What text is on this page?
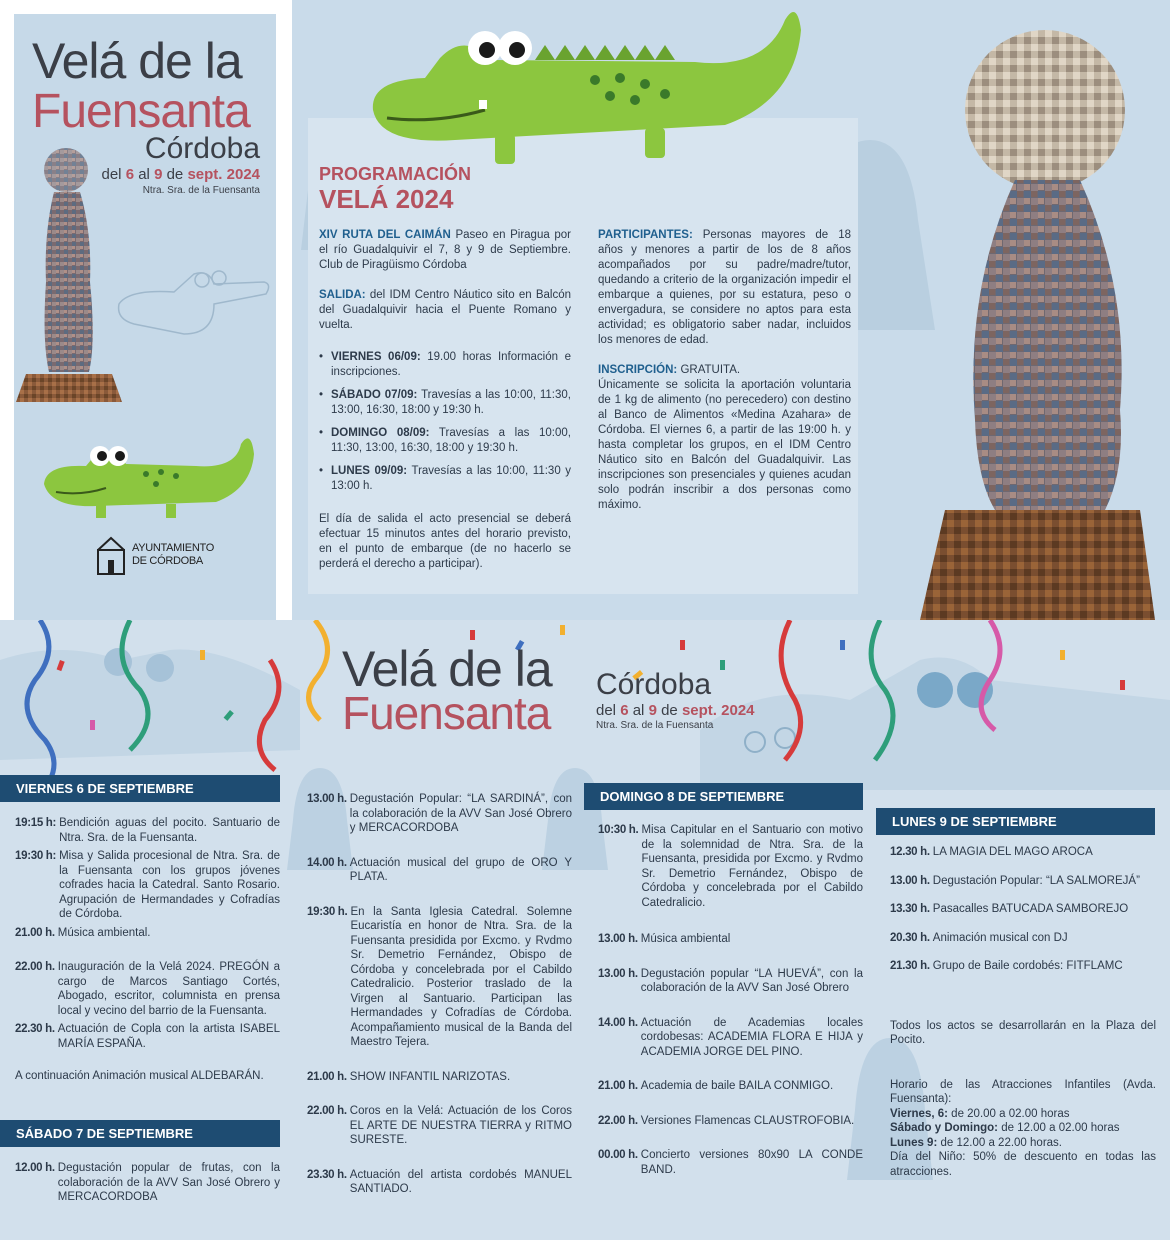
Velá de la
Fuensanta
Córdoba
del 6 al 9 de sept. 2024
Ntra. Sra. de la Fuensanta
AYUNTAMIENTO
DE CÓRDOBA
PROGRAMACIÓN
VELÁ 2024

XIV RUTA DEL CAIMÁN Paseo en Piragua por el río Guadalquivir el 7, 8 y 9 de Septiembre. Club de Piragüismo Córdoba

SALIDA: del IDM Centro Náutico sito en Balcón del Guadalquivir hacia el Puente Romano y vuelta.

• VIERNES 06/09: 19.00 horas Información e inscripciones.
• SÁBADO 07/09: Travesías a las 10:00, 11:30, 13:00, 16:30, 18:00 y 19:30 h.
• DOMINGO 08/09: Travesías a las 10:00, 11:30, 13:00, 16:30, 18:00 y 19:30 h.
• LUNES 09/09: Travesías a las 10:00, 11:30 y 13:00 h.

El día de salida el acto presencial se deberá efectuar 15 minutos antes del horario previsto, en el punto de embarque (de no hacerlo se perderá el derecho a participar).

PARTICIPANTES: Personas mayores de 18 años y menores a partir de los de 8 años acompañados por su padre/madre/tutor, quedando a criterio de la organización impedir el embarque a quienes, por su estatura, peso o envergadura, se considere no aptos para esta actividad; es obligatorio saber nadar, incluidos los menores de edad.

INSCRIPCIÓN: GRATUITA.
Únicamente se solicita la aportación voluntaria de 1 kg de alimento (no perecedero) con destino al Banco de Alimentos «Medina Azahara» de Córdoba. El viernes 6, a partir de las 19:00 h. y hasta completar los grupos, en el IDM Centro Náutico sito en Balcón del Guadalquivir. Las inscripciones son presenciales y quienes acudan solo podrán inscribir a dos personas como máximo.

Velá de la
Fuensanta
Córdoba
del 6 al 9 de sept. 2024
Ntra. Sra. de la Fuensanta
VIERNES 6 DE SEPTIEMBRE
19:15 h: Bendición aguas del pocito. Santuario de Ntra. Sra. de la Fuensanta.
19:30 h: Misa y Salida procesional de Ntra. Sra. de la Fuensanta con los grupos jóvenes cofrades hacia la Catedral. Santo Rosario. Agrupación de Hermandades y Cofradías de Córdoba.
21.00 h. Música ambiental.
22.00 h. Inauguración de la Velá 2024. PREGÓN a cargo de Marcos Santiago Cortés, Abogado, escritor, columnista en prensa local y vecino del barrio de la Fuensanta.
22.30 h. Actuación de Copla con la artista ISABEL MARÍA ESPAÑA.
A continuación Animación musical ALDEBARÁN.
SÁBADO 7 DE SEPTIEMBRE
12.00 h. Degustación popular de frutas, con la colaboración de la AVV San José Obrero y MERCACORDOBA
13.00 h. Degustación Popular: “LA SARDINÁ”, con la colaboración de la AVV San José Obrero y MERCACORDOBA
14.00 h. Actuación musical del grupo de ORO Y PLATA.
19:30 h. En la Santa Iglesia Catedral. Solemne Eucaristía en honor de Ntra. Sra. de la Fuensanta presidida por Excmo. y Rvdmo Sr. Demetrio Fernández, Obispo de Córdoba y concelebrada por el Cabildo Catedralicio. Posterior traslado de la Virgen al Santuario. Participan las Hermandades y Cofradías de Córdoba. Acompañamiento musical de la Banda del Maestro Tejera.
21.00 h. SHOW INFANTIL NARIZOTAS.
22.00 h. Coros en la Velá: Actuación de los Coros EL ARTE DE NUESTRA TIERRA y RITMO SURESTE.
23.30 h. Actuación del artista cordobés MANUEL SANTIADO.
DOMINGO 8 DE SEPTIEMBRE
10:30 h. Misa Capitular en el Santuario con motivo de la solemnidad de Ntra. Sra. de la Fuensanta, presidida por Excmo. y Rvdmo Sr. Demetrio Fernández, Obispo de Córdoba y concelebrada por el Cabildo Catedralicio.
13.00 h. Música ambiental
13.00 h. Degustación popular “LA HUEVÁ”, con la colaboración de la AVV San José Obrero
14.00 h. Actuación de Academias locales cordobesas: ACADEMIA FLORA E HIJA y ACADEMIA JORGE DEL PINO.
21.00 h. Academia de baile BAILA CONMIGO.
22.00 h. Versiones Flamencas CLAUSTROFOBIA.
00.00 h. Concierto versiones 80x90 LA CONDE BAND.
LUNES 9 DE SEPTIEMBRE
12.30 h. LA MAGIA DEL MAGO AROCA
13.00 h. Degustación Popular: “LA SALMOREJÁ”
13.30 h. Pasacalles BATUCADA SAMBOREJO
20.30 h. Animación musical con DJ
21.30 h. Grupo de Baile cordobés: FITFLAMC
Todos los actos se desarrollarán en la Plaza del Pocito.
Horario de las Atracciones Infantiles (Avda. Fuensanta):
Viernes, 6: de 20.00 a 02.00 horas
Sábado y Domingo: de 12.00 a 02.00 horas
Lunes 9: de 12.00 a 22.00 horas.
Día del Niño: 50% de descuento en todas las atracciones.
